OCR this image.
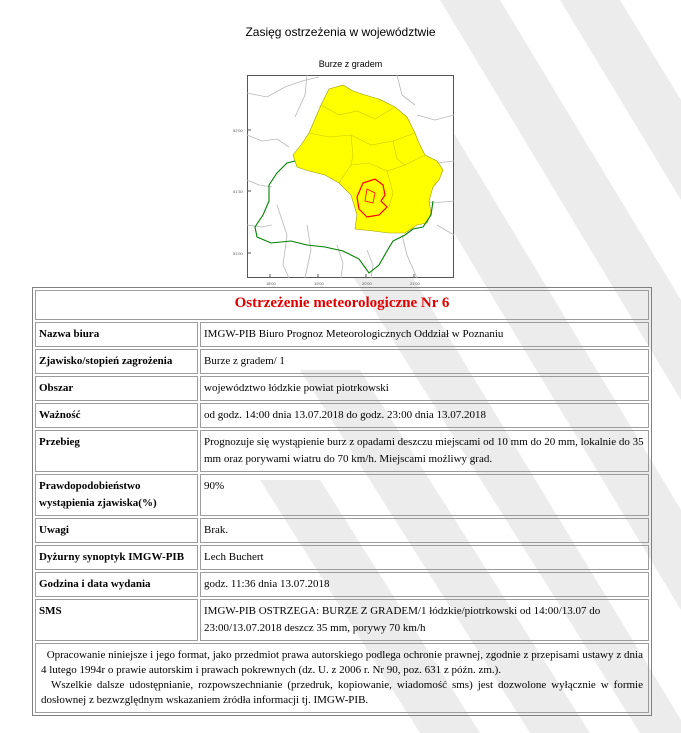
Zasięg ostrzeżenia w województwie
Burze z gradem
52'00
51'30
51'00
18'00	19'00	20'00	21'00
Ostrzeżenie meteorologiczne Nr 6	
Nazwa biura	IMGW-PIB Biuro Prognoz Meteorologicznych Oddział w Poznaniu
Zjawisko/stopień zagrożenia	Burze z gradem/ 1
Obszar	województwo łódzkie powiat piotrkowski
Ważność	od godz. 14:00 dnia 13.07.2018 do godz. 23:00 dnia 13.07.2018
Przebieg	Prognozuje się wystąpienie burz z opadami deszczu miejscami od 10 mm do 20 mm, lokalnie do 35 mm oraz porywami wiatru do 70 km/h. Miejscami możliwy grad.
Prawdopodobieństwo wystąpienia zjawiska(%)	90%
Uwagi	Brak.
Dyżurny synoptyk IMGW-PIB	Lech Buchert
Godzina i data wydania	godz. 11:36 dnia 13.07.2018
SMS	IMGW-PIB OSTRZEGA: BURZE Z GRADEM/1 łódzkie/piotrkowski od 14:00/13.07 do 23:00/13.07.2018 deszcz 35 mm, porywy 70 km/h
Opracowanie niniejsze i jego format, jako przedmiot prawa autorskiego podlega ochronie prawnej, zgodnie z przepisami ustawy z dnia 4 lutego 1994r o prawie autorskim i prawach pokrewnych (dz. U. z 2006 r. Nr 90, poz. 631 z późn. zm.).
Wszelkie dalsze udostępnianie, rozpowszechnianie (przedruk, kopiowanie, wiadomość sms) jest dozwolone wyłącznie w formie dosłownej z bezwzględnym wskazaniem źródła informacji tj. IMGW-PIB.	
